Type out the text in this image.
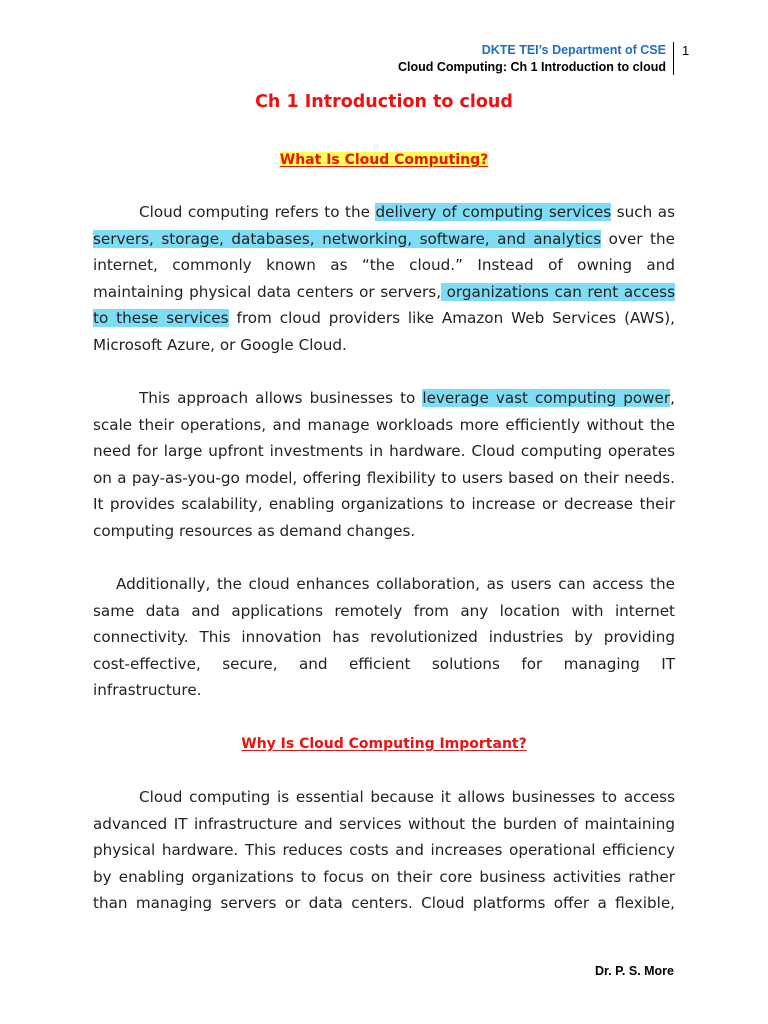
DKTE TEI’s Department of CSE
Cloud Computing: Ch 1 Introduction to cloud
1
Ch 1 Introduction to cloud
What Is Cloud Computing?
Cloud computing refers to the delivery of computing services such as
servers, storage, databases, networking, software, and analytics over the
internet, commonly known as “the cloud.” Instead of owning and
maintaining physical data centers or servers, organizations can rent access
to these services from cloud providers like Amazon Web Services (AWS),
Microsoft Azure, or Google Cloud.
This approach allows businesses to leverage vast computing power,
scale their operations, and manage workloads more efficiently without the
need for large upfront investments in hardware. Cloud computing operates
on a pay-as-you-go model, offering flexibility to users based on their needs.
It provides scalability, enabling organizations to increase or decrease their
computing resources as demand changes.
Additionally, the cloud enhances collaboration, as users can access the
same data and applications remotely from any location with internet
connectivity. This innovation has revolutionized industries by providing
cost-effective, secure, and efficient solutions for managing IT
infrastructure.
Why Is Cloud Computing Important?
Cloud computing is essential because it allows businesses to access
advanced IT infrastructure and services without the burden of maintaining
physical hardware. This reduces costs and increases operational efficiency
by enabling organizations to focus on their core business activities rather
than managing servers or data centers. Cloud platforms offer a flexible,
Dr. P. S. More
